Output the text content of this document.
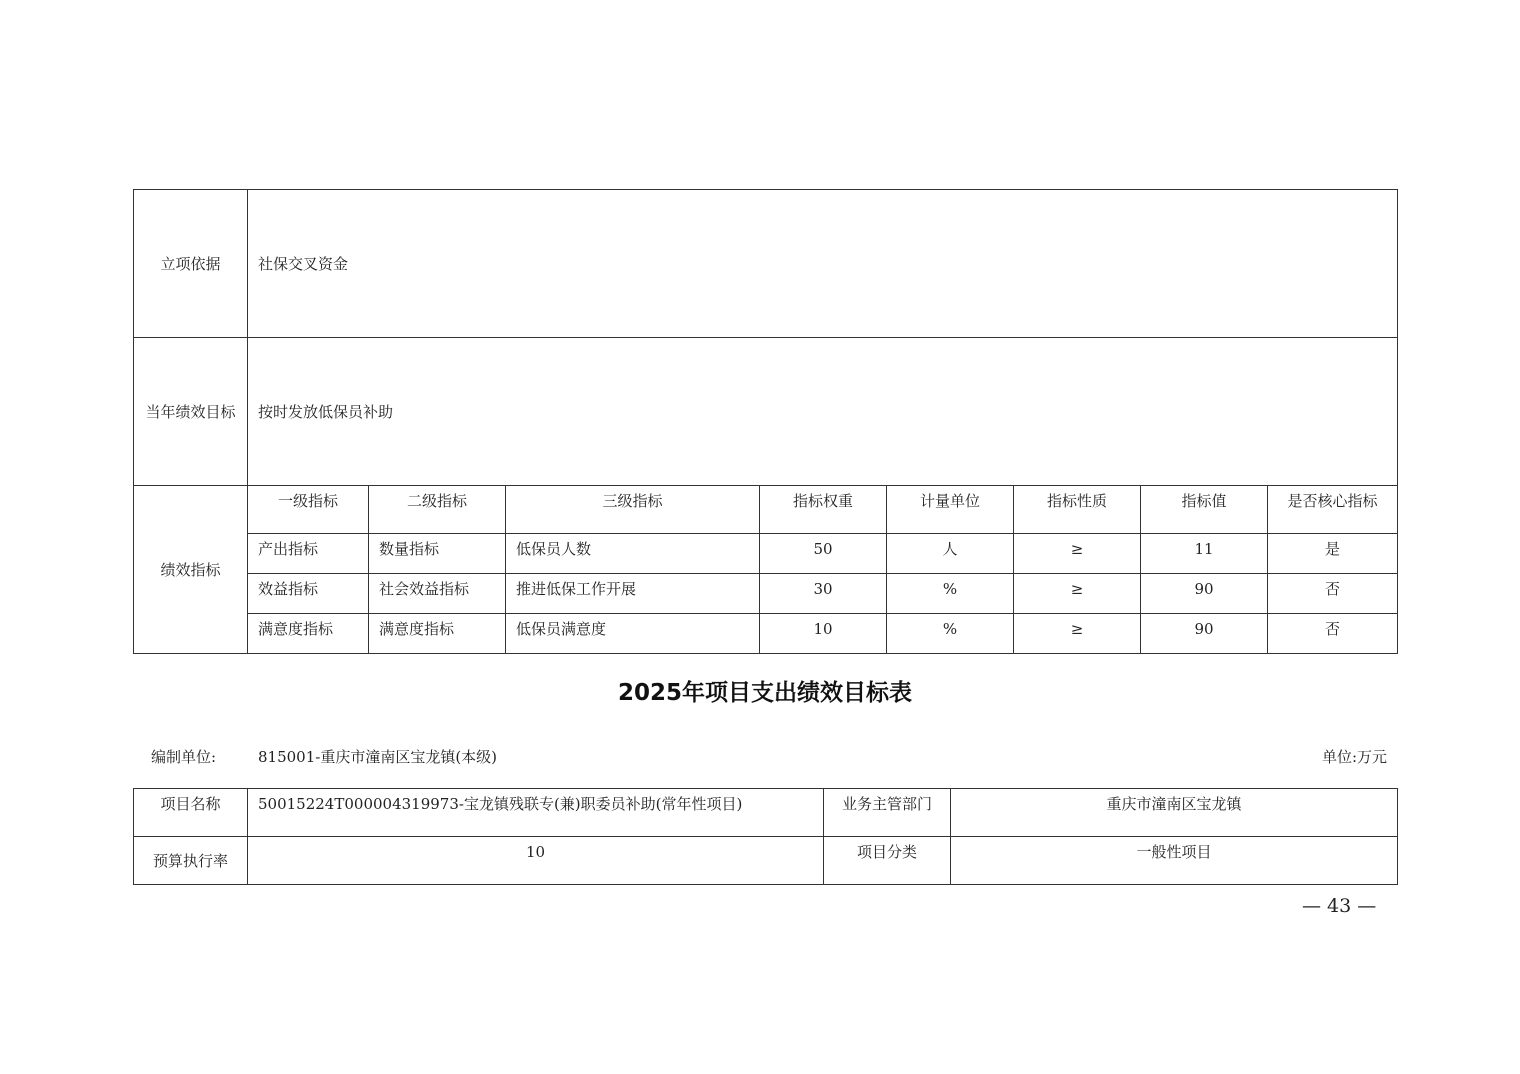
立项依据	社保交叉资金							

当年绩效目标	按时发放低保员补助							
绩效指标	一级指标	二级指标	三级指标	指标权重	计量单位	指标性质	指标值	是否核心指标
	产出指标	数量指标	低保员人数	50	人	≥	11	是
	效益指标	社会效益指标	推进低保工作开展	30	%	≥	90	否
	满意度指标	满意度指标	低保员满意度	10	%	≥	90	否
2025年项目支出绩效目标表
编制单位:	815001-重庆市潼南区宝龙镇(本级)	单位:万元
项目名称	50015224T000004319973-宝龙镇残联专(兼)职委员补助(常年性项目)	业务主管部门	重庆市潼南区宝龙镇
预算执行率	10	项目分类	一般性项目
— 43 —
